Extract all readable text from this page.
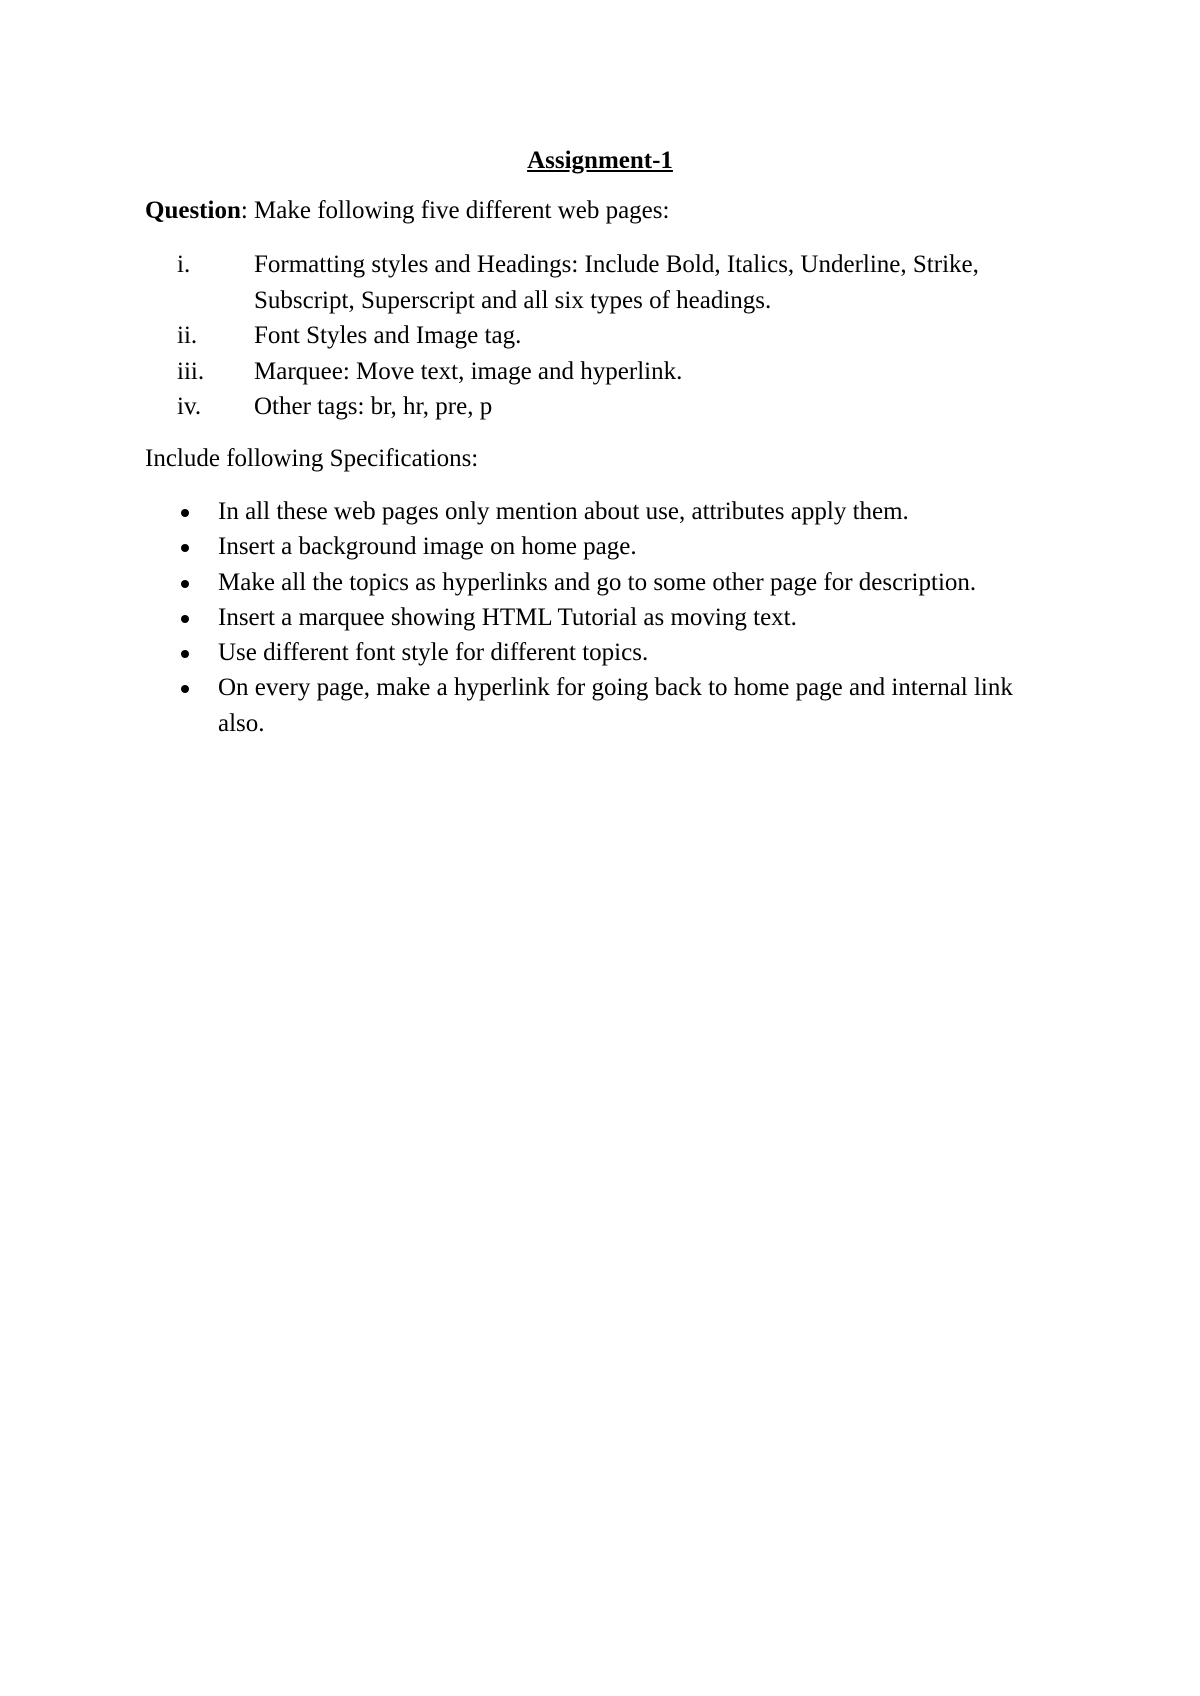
Assignment-1
Question: Make following five different web pages:
i.	Formatting styles and Headings: Include Bold, Italics, Underline, Strike, Subscript, Superscript and all six types of headings.
ii. Font Styles and Image tag.
iii. Marquee: Move text, image and hyperlink.
iv. Other tags: br, hr, pre, p
Include following Specifications:
In all these web pages only mention about use, attributes apply them.
Insert a background image on home page.
Make all the topics as hyperlinks and go to some other page for description.
Insert a marquee showing HTML Tutorial as moving text.
Use different font style for different topics.
On every page, make a hyperlink for going back to home page and internal link also.
